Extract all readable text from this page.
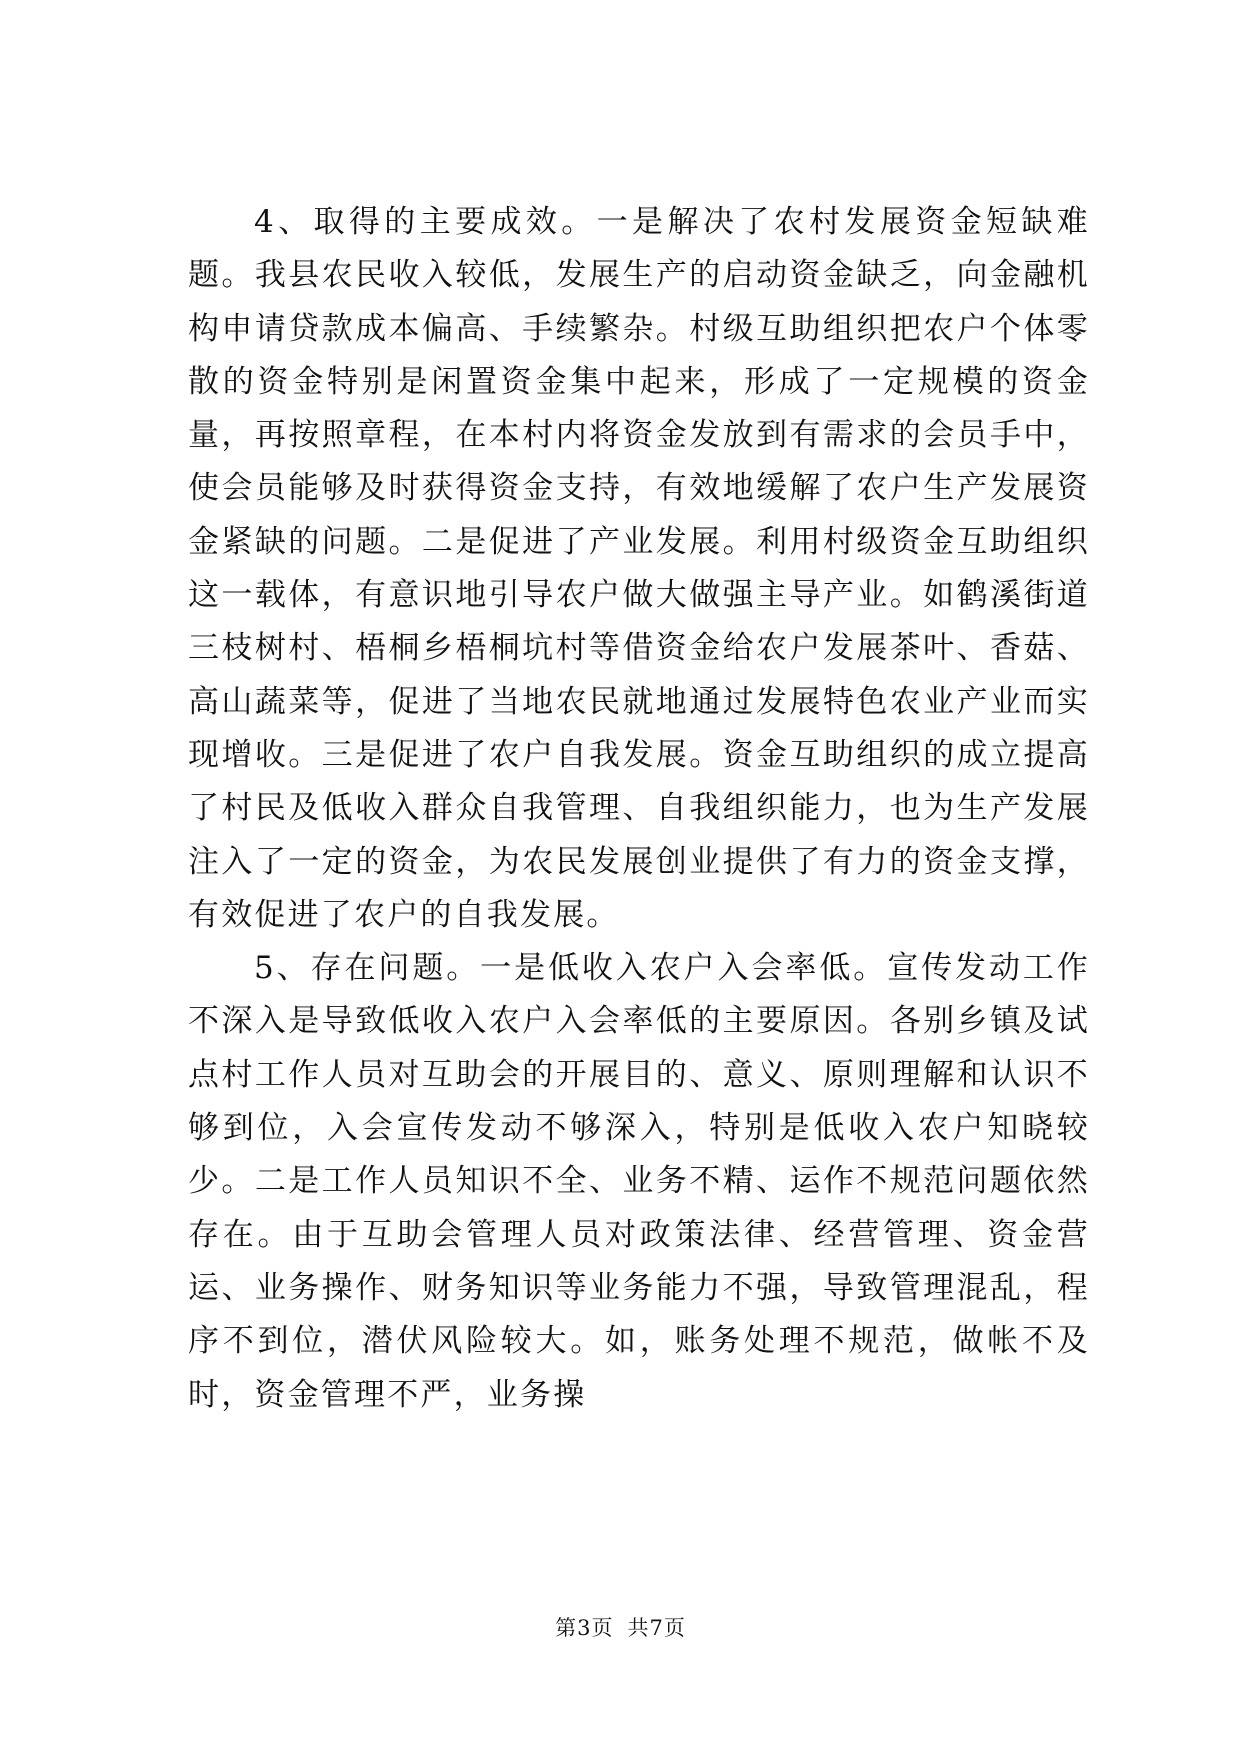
4、取得的主要成效。一是解决了农村发展资金短缺难题。我县农民收入较低，发展生产的启动资金缺乏，向金融机构申请贷款成本偏高、手续繁杂。村级互助组织把农户个体零散的资金特别是闲置资金集中起来，形成了一定规模的资金量，再按照章程，在本村内将资金发放到有需求的会员手中，使会员能够及时获得资金支持，有效地缓解了农户生产发展资金紧缺的问题。二是促进了产业发展。利用村级资金互助组织这一载体，有意识地引导农户做大做强主导产业。如鹤溪街道三枝树村、梧桐乡梧桐坑村等借资金给农户发展茶叶、香菇、高山蔬菜等，促进了当地农民就地通过发展特色农业产业而实现增收。三是促进了农户自我发展。资金互助组织的成立提高了村民及低收入群众自我管理、自我组织能力，也为生产发展注入了一定的资金，为农民发展创业提供了有力的资金支撑，有效促进了农户的自我发展。

5、存在问题。一是低收入农户入会率低。宣传发动工作不深入是导致低收入农户入会率低的主要原因。各别乡镇及试点村工作人员对互助会的开展目的、意义、原则理解和认识不够到位，入会宣传发动不够深入，特别是低收入农户知晓较少。二是工作人员知识不全、业务不精、运作不规范问题依然存在。由于互助会管理人员对政策法律、经营管理、资金营运、业务操作、财务知识等业务能力不强，导致管理混乱，程序不到位，潜伏风险较大。如，账务处理不规范，做帐不及时，资金管理不严，业务操

第3页 共7页
